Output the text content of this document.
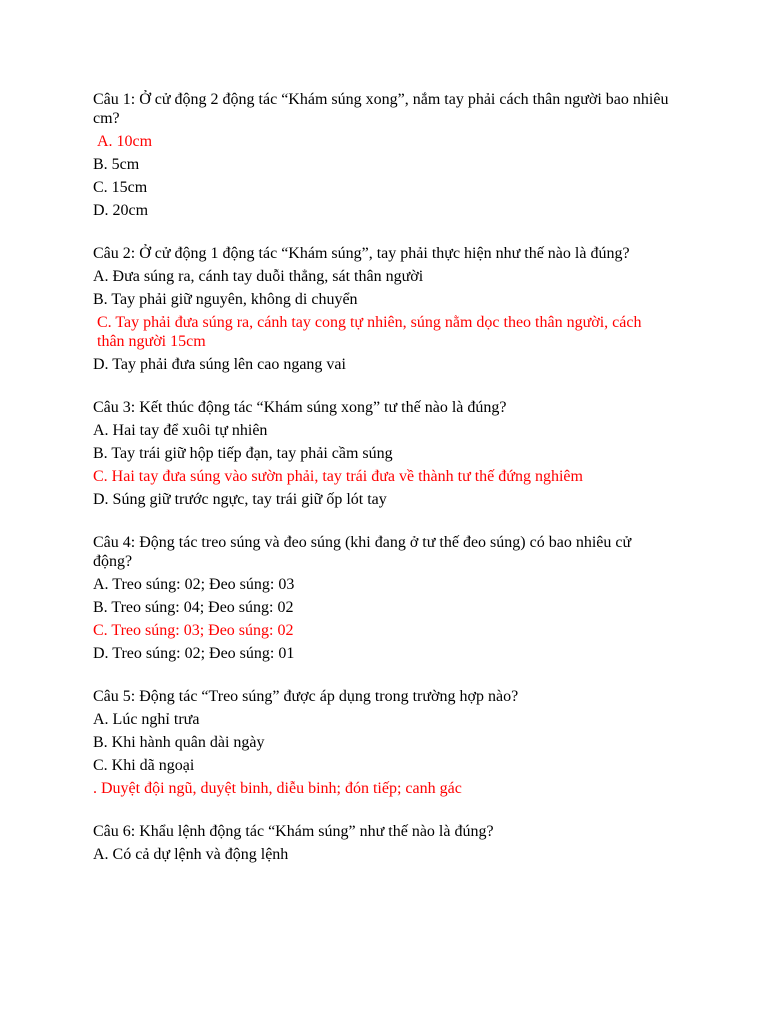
Câu 1: Ở cử động 2 động tác “Khám súng xong”, nắm tay phải cách thân người bao nhiêu cm?
A. 10cm
B. 5cm
C. 15cm
D. 20cm
Câu 2: Ở cử động 1 động tác “Khám súng”, tay phải thực hiện như thế nào là đúng?
A. Đưa súng ra, cánh tay duỗi thẳng, sát thân người
B. Tay phải giữ nguyên, không di chuyển
C. Tay phải đưa súng ra, cánh tay cong tự nhiên, súng nằm dọc theo thân người, cách thân người 15cm
D. Tay phải đưa súng lên cao ngang vai
Câu 3: Kết thúc động tác “Khám súng xong” tư thế nào là đúng?
A. Hai tay để xuôi tự nhiên
B. Tay trái giữ hộp tiếp đạn, tay phải cầm súng
C. Hai tay đưa súng vào sườn phải, tay trái đưa về thành tư thế đứng nghiêm
D. Súng giữ trước ngực, tay trái giữ ốp lót tay
Câu 4: Động tác treo súng và đeo súng (khi đang ở tư thế đeo súng) có bao nhiêu cử động?
A. Treo súng: 02; Đeo súng: 03
B. Treo súng: 04; Đeo súng: 02
C. Treo súng: 03; Đeo súng: 02
D. Treo súng: 02; Đeo súng: 01
Câu 5: Động tác “Treo súng” được áp dụng trong trường hợp nào?
A. Lúc nghỉ trưa
B. Khi hành quân dài ngày
C. Khi dã ngoại
. Duyệt đội ngũ, duyệt binh, diễu binh; đón tiếp; canh gác
Câu 6: Khẩu lệnh động tác “Khám súng” như thế nào là đúng?
A. Có cả dự lệnh và động lệnh
